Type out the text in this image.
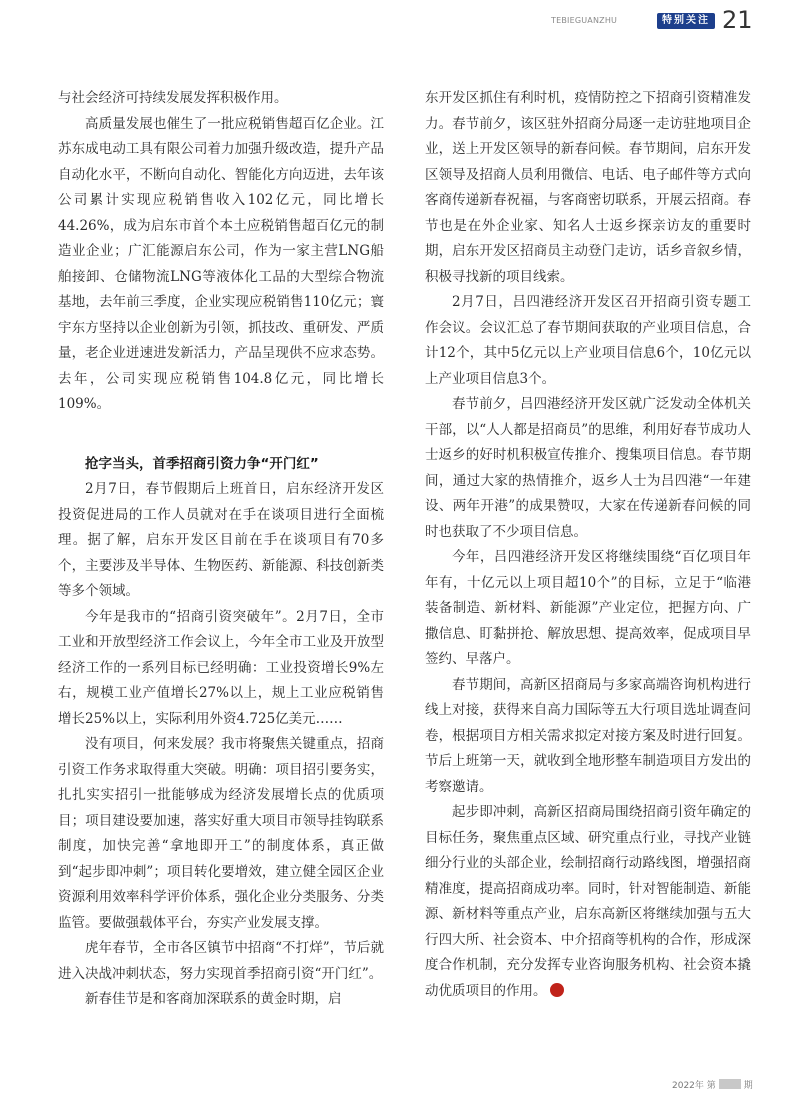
TEBIEGUANZHU	特别关注 21

与社会经济可持续发展发挥积极作用。

高质量发展也催生了一批应税销售超百亿企业。江苏东成电动工具有限公司着力加强升级改造，提升产品自动化水平，不断向自动化、智能化方向迈进，去年该公司累计实现应税销售收入102亿元，同比增长44.26%，成为启东市首个本土应税销售超百亿元的制造业企业；广汇能源启东公司，作为一家主营LNG船舶接卸、仓储物流LNG等液体化工品的大型综合物流基地，去年前三季度，企业实现应税销售110亿元；寰宇东方坚持以企业创新为引领，抓技改、重研发、严质量，老企业迸速进发新活力，产品呈现供不应求态势。去年，公司实现应税销售104.8亿元，同比增长109%。

抢字当头，首季招商引资力争“开门红”

2月7日，春节假期后上班首日，启东经济开发区投资促进局的工作人员就对在手在谈项目进行全面梳理。据了解，启东开发区目前在手在谈项目有70多个，主要涉及半导体、生物医药、新能源、科技创新类等多个领域。

今年是我市的“招商引资突破年”。2月7日，全市工业和开放型经济工作会议上，今年全市工业及开放型经济工作的一系列目标已经明确：工业投资增长9%左右，规模工业产值增长27%以上，规上工业应税销售增长25%以上，实际利用外资4.725亿美元……

没有项目，何来发展？我市将聚焦关键重点，招商引资工作务求取得重大突破。明确：项目招引要务实，扎扎实实招引一批能够成为经济发展增长点的优质项目；项目建设要加速，落实好重大项目市领导挂钩联系制度，加快完善“拿地即开工”的制度体系，真正做到“起步即冲刺”；项目转化要增效，建立健全园区企业资源利用效率科学评价体系，强化企业分类服务、分类监管。要做强载体平台，夯实产业发展支撑。

虎年春节，全市各区镇节中招商“不打烊”，节后就进入决战冲刺状态，努力实现首季招商引资“开门红”。

新春佳节是和客商加深联系的黄金时期，启

东开发区抓住有利时机，疫情防控之下招商引资精准发力。春节前夕，该区驻外招商分局逐一走访驻地项目企业，送上开发区领导的新春问候。春节期间，启东开发区领导及招商人员利用微信、电话、电子邮件等方式向客商传递新春祝福，与客商密切联系，开展云招商。春节也是在外企业家、知名人士返乡探亲访友的重要时期，启东开发区招商员主动登门走访，话乡音叙乡情，积极寻找新的项目线索。

2月7日，吕四港经济开发区召开招商引资专题工作会议。会议汇总了春节期间获取的产业项目信息，合计12个，其中5亿元以上产业项目信息6个，10亿元以上产业项目信息3个。

春节前夕，吕四港经济开发区就广泛发动全体机关干部，以“人人都是招商员”的思维，利用好春节成功人士返乡的好时机积极宣传推介、搜集项目信息。春节期间，通过大家的热情推介，返乡人士为吕四港“一年建设、两年开港”的成果赞叹，大家在传递新春问候的同时也获取了不少项目信息。

今年，吕四港经济开发区将继续围绕“百亿项目年年有，十亿元以上项目超10个”的目标，立足于“临港装备制造、新材料、新能源”产业定位，把握方向、广撒信息、盯黏拼抢、解放思想、提高效率，促成项目早签约、早落户。

春节期间，高新区招商局与多家高端咨询机构进行线上对接，获得来自高力国际等五大行项目选址调查问卷，根据项目方相关需求拟定对接方案及时进行回复。节后上班第一天，就收到全地形整车制造项目方发出的考察邀请。

起步即冲刺，高新区招商局围绕招商引资年确定的目标任务，聚焦重点区域、研究重点行业，寻找产业链细分行业的头部企业，绘制招商行动路线图，增强招商精准度，提高招商成功率。同时，针对智能制造、新能源、新材料等重点产业，启东高新区将继续加强与五大行四大所、社会资本、中介招商等机构的合作，形成深度合作机制，充分发挥专业咨询服务机构、社会资本撬动优质项目的作用。

2022年 第	期
